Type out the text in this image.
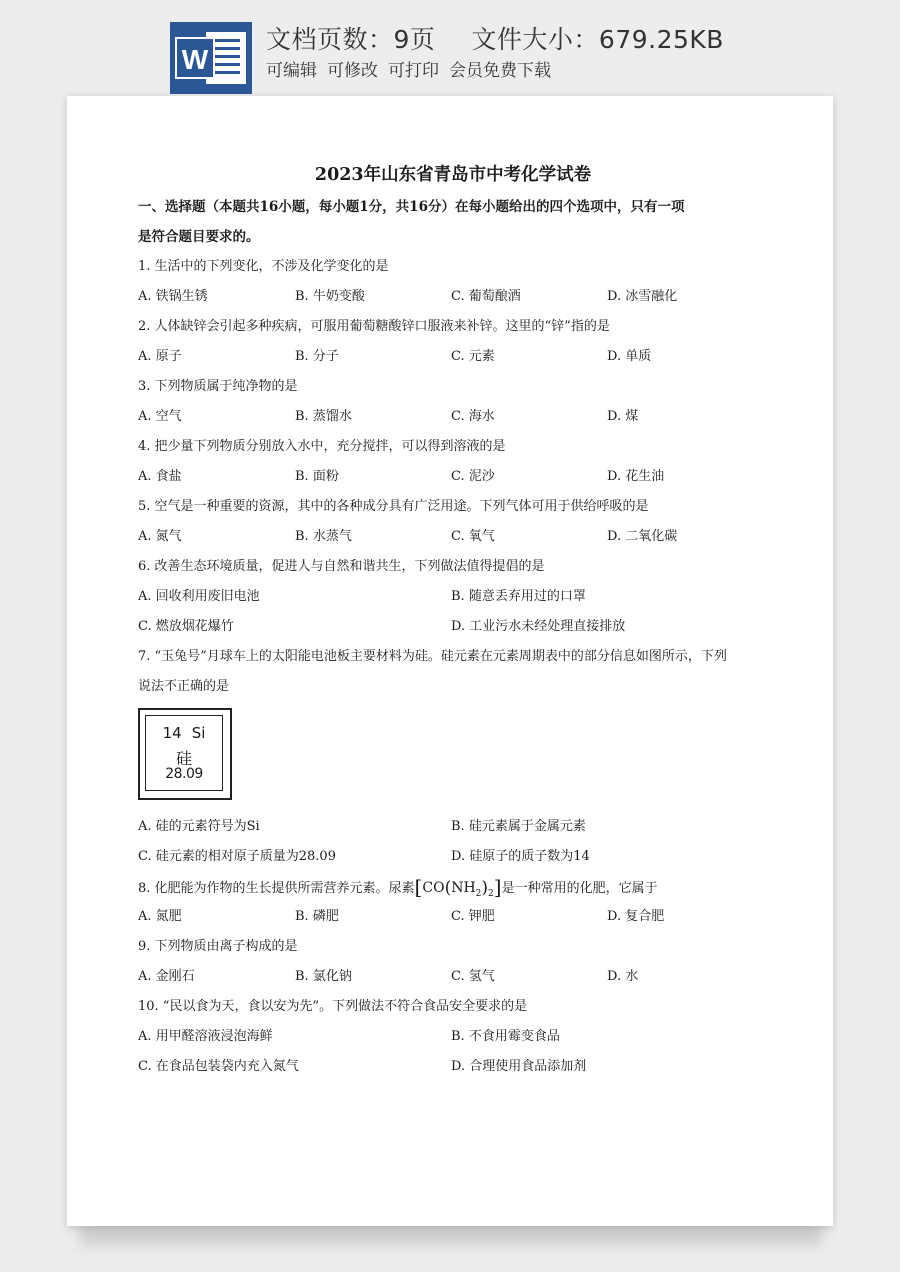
W
文档页数：9页 文件大小：679.25KB
可编辑 可修改 可打印 会员免费下载
2023年山东省青岛市中考化学试卷
一、选择题（本题共16小题，每小题1分，共16分）在每小题给出的四个选项中，只有一项
是符合题目要求的。
1. 生活中的下列变化，不涉及化学变化的是
A. 铁锅生锈	B. 牛奶变酸	C. 葡萄酿酒	D. 冰雪融化
2. 人体缺锌会引起多种疾病，可服用葡萄糖酸锌口服液来补锌。这里的“锌”指的是
A. 原子	B. 分子	C. 元素	D. 单质
3. 下列物质属于纯净物的是
A. 空气	B. 蒸馏水	C. 海水	D. 煤
4. 把少量下列物质分别放入水中，充分搅拌，可以得到溶液的是
A. 食盐	B. 面粉	C. 泥沙	D. 花生油
5. 空气是一种重要的资源，其中的各种成分具有广泛用途。下列气体可用于供给呼吸的是
A. 氮气	B. 水蒸气	C. 氧气	D. 二氧化碳
6. 改善生态环境质量，促进人与自然和谐共生，下列做法值得提倡的是
A. 回收利用废旧电池	B. 随意丢弃用过的口罩
C. 燃放烟花爆竹	D. 工业污水未经处理直接排放
7. “玉兔号”月球车上的太阳能电池板主要材料为硅。硅元素在元素周期表中的部分信息如图所示，下列
说法不正确的是
14 Si
硅
28.09
A. 硅的元素符号为Si	B. 硅元素属于金属元素
C. 硅元素的相对原子质量为28.09	D. 硅原子的质子数为14
8. 化肥能为作物的生长提供所需营养元素。尿素$[CO(NH_2)_2]$是一种常用的化肥，它属于
A. 氮肥	B. 磷肥	C. 钾肥	D. 复合肥
9. 下列物质由离子构成的是
A. 金刚石	B. 氯化钠	C. 氢气	D. 水
10. “民以食为天，食以安为先”。下列做法不符合食品安全要求的是
A. 用甲醛溶液浸泡海鲜	B. 不食用霉变食品
C. 在食品包装袋内充入氮气	D. 合理使用食品添加剂
